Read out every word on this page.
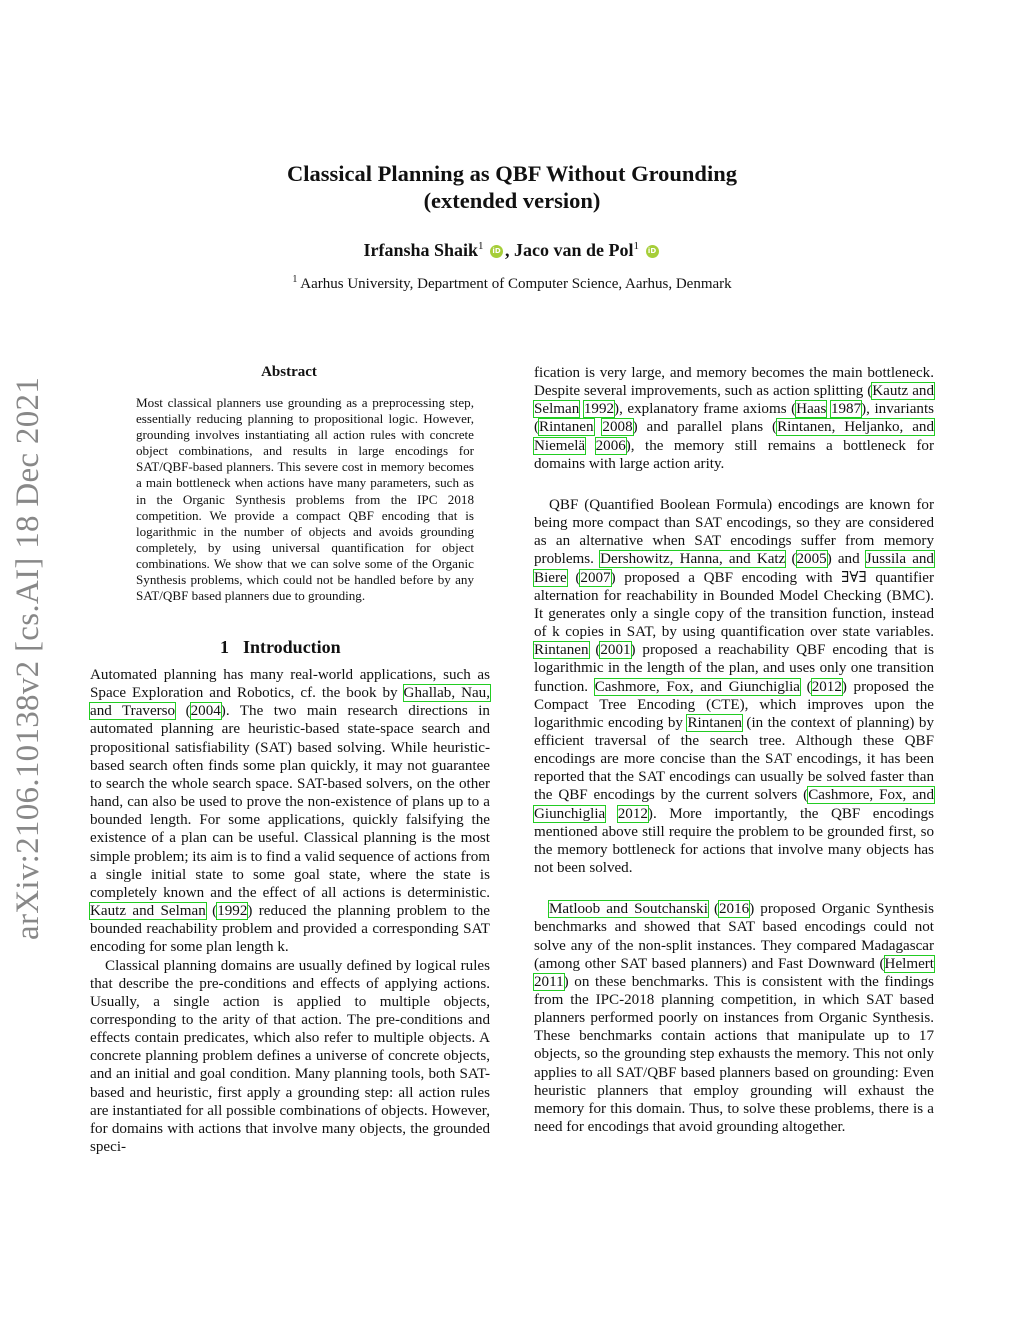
arXiv:2106.10138v2 [cs.AI] 18 Dec 2021
Classical Planning as QBF Without Grounding
(extended version)
Irfansha Shaik$^1$ iD , Jaco van de Pol$^1$ iD
$^1$ Aarhus University, Department of Computer Science, Aarhus, Denmark
Abstract
Most classical planners use grounding as a preprocessing step, essentially reducing planning to propositional logic. However, grounding involves instantiating all action rules with concrete object combinations, and results in large encodings for SAT/QBF-based planners. This severe cost in memory becomes a main bottleneck when actions have many parameters, such as in the Organic Synthesis problems from the IPC 2018 competition. We provide a compact QBF encoding that is logarithmic in the number of objects and avoids grounding completely, by using universal quantification for object combinations. We show that we can solve some of the Organic Synthesis problems, which could not be handled before by any SAT/QBF based planners due to grounding.
1 Introduction

Automated planning has many real-world applications, such as Space Exploration and Robotics, cf. the book by Ghallab, Nau, and Traverso (2004). The two main research directions in automated planning are heuristic-based state-space search and propositional satisfiability (SAT) based solving. While heuristic-based search often finds some plan quickly, it may not guarantee to search the whole search space. SAT-based solvers, on the other hand, can also be used to prove the non-existence of plans up to a bounded length. For some applications, quickly falsifying the existence of a plan can be useful. Classical planning is the most simple problem; its aim is to find a valid sequence of actions from a single initial state to some goal state, where the state is completely known and the effect of all actions is deterministic. Kautz and Selman (1992) reduced the planning problem to the bounded reachability problem and provided a corresponding SAT encoding for some plan length k.

Classical planning domains are usually defined by logical rules that describe the pre-conditions and effects of applying actions. Usually, a single action is applied to multiple objects, corresponding to the arity of that action. The pre-conditions and effects contain predicates, which also refer to multiple objects. A concrete planning problem defines a universe of concrete objects, and an initial and goal condition. Many planning tools, both SAT-based and heuristic, first apply a grounding step: all action rules are instantiated for all possible combinations of objects. However, for domains with actions that involve many objects, the grounded speci-

fication is very large, and memory becomes the main bottleneck. Despite several improvements, such as action splitting (Kautz and Selman 1992), explanatory frame axioms (Haas 1987), invariants (Rintanen 2008) and parallel plans (Rintanen, Heljanko, and Niemelä 2006), the memory still remains a bottleneck for domains with large action arity.

QBF (Quantified Boolean Formula) encodings are known for being more compact than SAT encodings, so they are considered as an alternative when SAT encodings suffer from memory problems. Dershowitz, Hanna, and Katz (2005) and Jussila and Biere (2007) proposed a QBF encoding with ∃∀∃ quantifier alternation for reachability in Bounded Model Checking (BMC). It generates only a single copy of the transition function, instead of k copies in SAT, by using quantification over state variables. Rintanen (2001) proposed a reachability QBF encoding that is logarithmic in the length of the plan, and uses only one transition function. Cashmore, Fox, and Giunchiglia (2012) proposed the Compact Tree Encoding (CTE), which improves upon the logarithmic encoding by Rintanen (in the context of planning) by efficient traversal of the search tree. Although these QBF encodings are more concise than the SAT encodings, it has been reported that the SAT encodings can usually be solved faster than the QBF encodings by the current solvers (Cashmore, Fox, and Giunchiglia 2012). More importantly, the QBF encodings mentioned above still require the problem to be grounded first, so the memory bottleneck for actions that involve many objects has not been solved.

Matloob and Soutchanski (2016) proposed Organic Synthesis benchmarks and showed that SAT based encodings could not solve any of the non-split instances. They compared Madagascar (among other SAT based planners) and Fast Downward (Helmert 2011) on these benchmarks. This is consistent with the findings from the IPC-2018 planning competition, in which SAT based planners performed poorly on instances from Organic Synthesis. These benchmarks contain actions that manipulate up to 17 objects, so the grounding step exhausts the memory. This not only applies to all SAT/QBF based planners based on grounding: Even heuristic planners that employ grounding will exhaust the memory for this domain. Thus, to solve these problems, there is a need for encodings that avoid grounding altogether.
